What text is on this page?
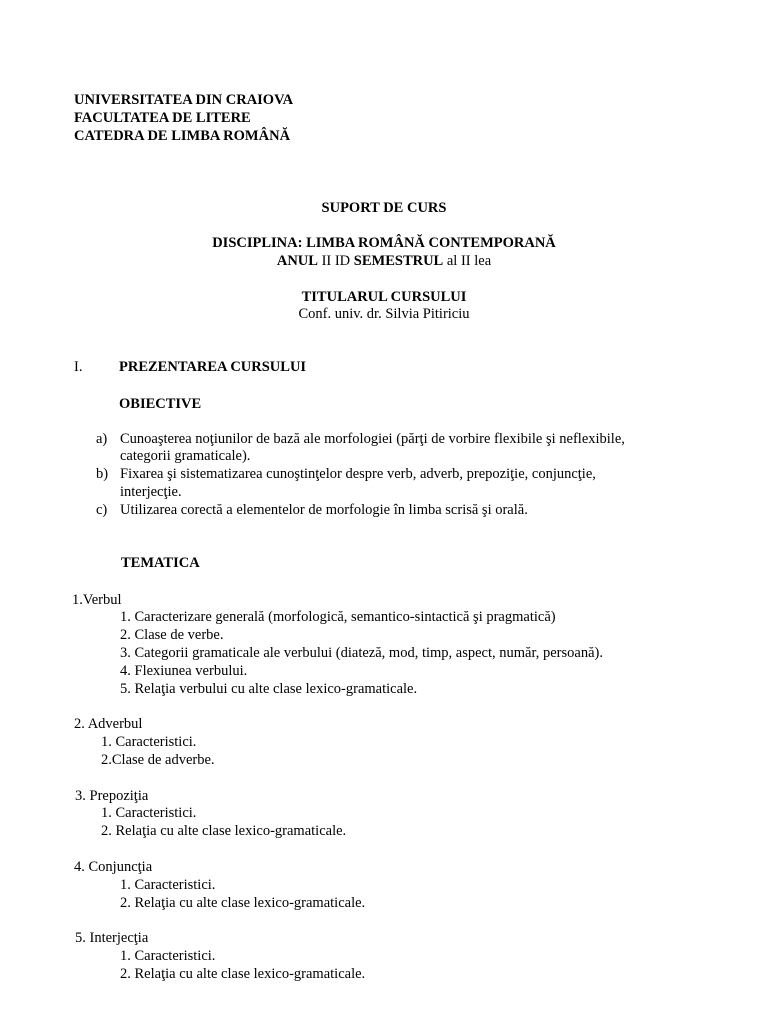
UNIVERSITATEA DIN CRAIOVA
FACULTATEA DE LITERE
CATEDRA DE LIMBA ROMÂNĂ
SUPORT DE CURS
DISCIPLINA: LIMBA ROMÂNĂ CONTEMPORANĂ
ANUL II ID SEMESTRUL al II lea
TITULARUL CURSULUI
Conf. univ. dr. Silvia Pitiriciu
I.	PREZENTAREA CURSULUI
OBIECTIVE
a) Cunoaşterea noţiunilor de bază ale morfologiei (părţi de vorbire flexibile şi neflexibile,
categorii gramaticale).
b) Fixarea şi sistematizarea cunoştinţelor despre verb, adverb, prepoziţie, conjuncţie,
interjecţie.
c) Utilizarea corectă a elementelor de morfologie în limba scrisă şi orală.
TEMATICA
1.Verbul
1. Caracterizare generală (morfologică, semantico-sintactică şi pragmatică)
2. Clase de verbe.
3. Categorii gramaticale ale verbului (diateză, mod, timp, aspect, număr, persoană).
4. Flexiunea verbului.
5. Relaţia verbului cu alte clase lexico-gramaticale.
2. Adverbul
1. Caracteristici.
2.Clase de adverbe.
3. Prepoziţia
1. Caracteristici.
2. Relaţia cu alte clase lexico-gramaticale.
4. Conjuncţia
1. Caracteristici.
2. Relaţia cu alte clase lexico-gramaticale.
5. Interjecţia
1. Caracteristici.
2. Relaţia cu alte clase lexico-gramaticale.
